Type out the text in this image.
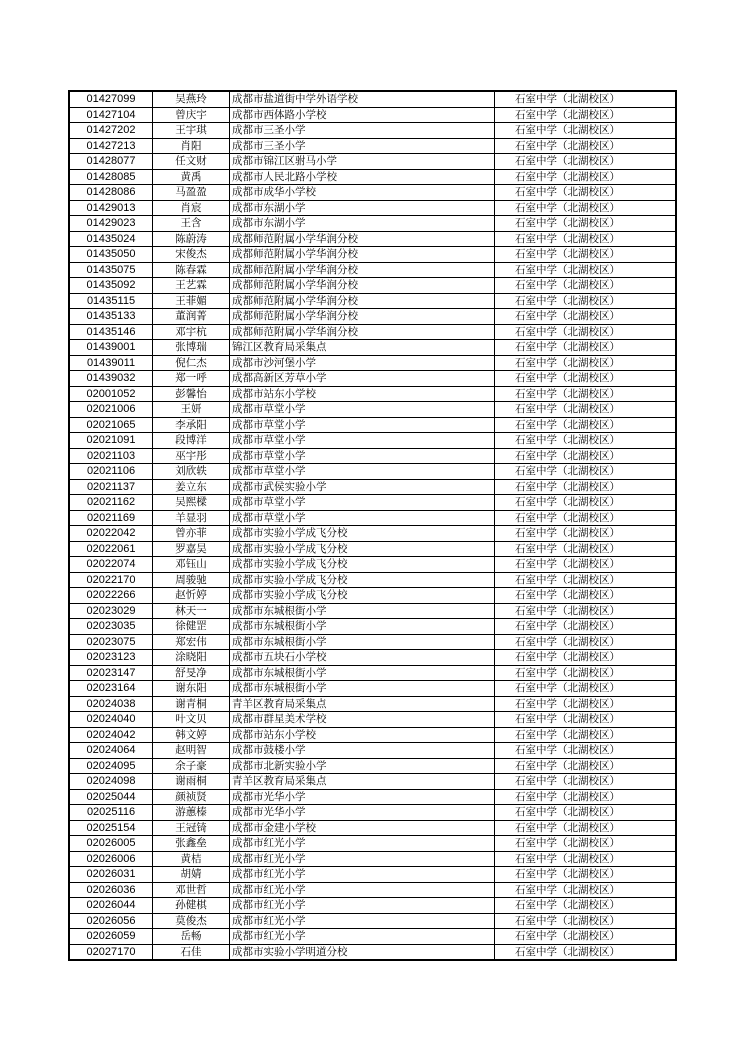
01427099	吴燕玲	成都市盐道街中学外语学校	石室中学（北湖校区）
01427104	曾庆宇	成都市西体路小学校	石室中学（北湖校区）
01427202	王宇琪	成都市三圣小学	石室中学（北湖校区）
01427213	肖阳	成都市三圣小学	石室中学（北湖校区）
01428077	任文财	成都市锦江区驸马小学	石室中学（北湖校区）
01428085	黄禹	成都市人民北路小学校	石室中学（北湖校区）
01428086	马盈盈	成都市成华小学校	石室中学（北湖校区）
01429013	肖宸	成都市东湖小学	石室中学（北湖校区）
01429023	王含	成都市东湖小学	石室中学（北湖校区）
01435024	陈蔚涛	成都师范附属小学华润分校	石室中学（北湖校区）
01435050	宋俊杰	成都师范附属小学华润分校	石室中学（北湖校区）
01435075	陈春霖	成都师范附属小学华润分校	石室中学（北湖校区）
01435092	王艺霖	成都师范附属小学华润分校	石室中学（北湖校区）
01435115	王菲媚	成都师范附属小学华润分校	石室中学（北湖校区）
01435133	董润菁	成都师范附属小学华润分校	石室中学（北湖校区）
01435146	邓宇杭	成都师范附属小学华润分校	石室中学（北湖校区）
01439001	张博瑞	锦江区教育局采集点	石室中学（北湖校区）
01439011	倪仁杰	成都市沙河堡小学	石室中学（北湖校区）
01439032	郑一呼	成都高新区芳草小学	石室中学（北湖校区）
02001052	彭馨怡	成都市站东小学校	石室中学（北湖校区）
02021006	王妍	成都市草堂小学	石室中学（北湖校区）
02021065	李承阳	成都市草堂小学	石室中学（北湖校区）
02021091	段博洋	成都市草堂小学	石室中学（北湖校区）
02021103	巫宇彤	成都市草堂小学	石室中学（北湖校区）
02021106	刘欣轶	成都市草堂小学	石室中学（北湖校区）
02021137	姜立东	成都市武侯实验小学	石室中学（北湖校区）
02021162	吴熙樑	成都市草堂小学	石室中学（北湖校区）
02021169	羊显羽	成都市草堂小学	石室中学（北湖校区）
02022042	曾亦菲	成都市实验小学成飞分校	石室中学（北湖校区）
02022061	罗嘉昊	成都市实验小学成飞分校	石室中学（北湖校区）
02022074	邓钰山	成都市实验小学成飞分校	石室中学（北湖校区）
02022170	周骏驰	成都市实验小学成飞分校	石室中学（北湖校区）
02022266	赵忻婷	成都市实验小学成飞分校	石室中学（北湖校区）
02023029	林天一	成都市东城根街小学	石室中学（北湖校区）
02023035	徐健罡	成都市东城根街小学	石室中学（北湖校区）
02023075	郑宏伟	成都市东城根街小学	石室中学（北湖校区）
02023123	涂晓阳	成都市五块石小学校	石室中学（北湖校区）
02023147	舒旻净	成都市东城根街小学	石室中学（北湖校区）
02023164	谢东阳	成都市东城根街小学	石室中学（北湖校区）
02024038	谢青桐	青羊区教育局采集点	石室中学（北湖校区）
02024040	叶文贝	成都市群星美术学校	石室中学（北湖校区）
02024042	韩文婷	成都市站东小学校	石室中学（北湖校区）
02024064	赵明智	成都市鼓楼小学	石室中学（北湖校区）
02024095	余子豪	成都市北新实验小学	石室中学（北湖校区）
02024098	谢雨桐	青羊区教育局采集点	石室中学（北湖校区）
02025044	颜祯贤	成都市光华小学	石室中学（北湖校区）
02025116	游蕙榛	成都市光华小学	石室中学（北湖校区）
02025154	王冠锜	成都市金建小学校	石室中学（北湖校区）
02026005	张鑫垒	成都市红光小学	石室中学（北湖校区）
02026006	黄桔	成都市红光小学	石室中学（北湖校区）
02026031	胡婧	成都市红光小学	石室中学（北湖校区）
02026036	邓世哲	成都市红光小学	石室中学（北湖校区）
02026044	孙健棋	成都市红光小学	石室中学（北湖校区）
02026056	莫俊杰	成都市红光小学	石室中学（北湖校区）
02026059	岳畅	成都市红光小学	石室中学（北湖校区）
02027170	石佳	成都市实验小学明道分校	石室中学（北湖校区）
